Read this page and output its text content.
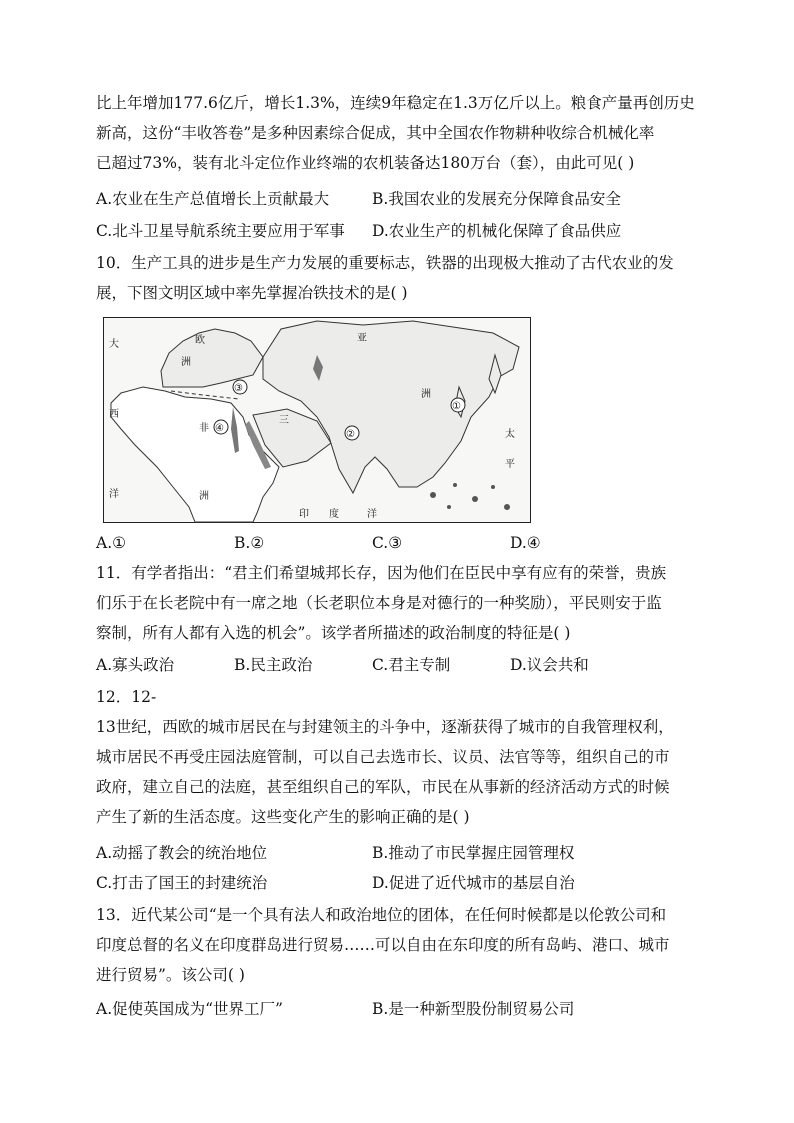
比上年增加177.6亿斤，增长1.3%，连续9年稳定在1.3万亿斤以上。粮食产量再创历史
新高，这份“丰收答卷”是多种因素综合促成，其中全国农作物耕种收综合机械化率
已超过73%，装有北斗定位作业终端的农机装备达180万台（套），由此可见( )
A.农业在生产总值增长上贡献最大	B.我国农业的发展充分保障食品安全
C.北斗卫星导航系统主要应用于军事 D.农业生产的机械化保障了食品供应
10．生产工具的进步是生产力发展的重要标志，铁器的出现极大推动了古代农业的发
展，下图文明区域中率先掌握冶铁技术的是( )
①
②
③
④
大	欧
洲
西
非
洲
洋
亚
洲
太
平
三
印 度	洋
A.①	B.②	C.③	D.④
11．有学者指出：“君主们希望城邦长存，因为他们在臣民中享有应有的荣誉，贵族
们乐于在长老院中有一席之地（长老职位本身是对德行的一种奖励），平民则安于监
察制，所有人都有入选的机会”。该学者所描述的政治制度的特征是( )
A.寡头政治	B.民主政治	C.君主专制	D.议会共和
12．12-
13世纪，西欧的城市居民在与封建领主的斗争中，逐渐获得了城市的自我管理权利，
城市居民不再受庄园法庭管制，可以自己去选市长、议员、法官等等，组织自己的市
政府，建立自己的法庭，甚至组织自己的军队，市民在从事新的经济活动方式的时候
产生了新的生活态度。这些变化产生的影响正确的是( )
A.动摇了教会的统治地位	B.推动了市民掌握庄园管理权
C.打击了国王的封建统治	D.促进了近代城市的基层自治
13．近代某公司“是一个具有法人和政治地位的团体，在任何时候都是以伦敦公司和
印度总督的名义在印度群岛进行贸易……可以自由在东印度的所有岛屿、港口、城市
进行贸易”。该公司( )
A.促使英国成为“世界工厂”	B.是一种新型股份制贸易公司
